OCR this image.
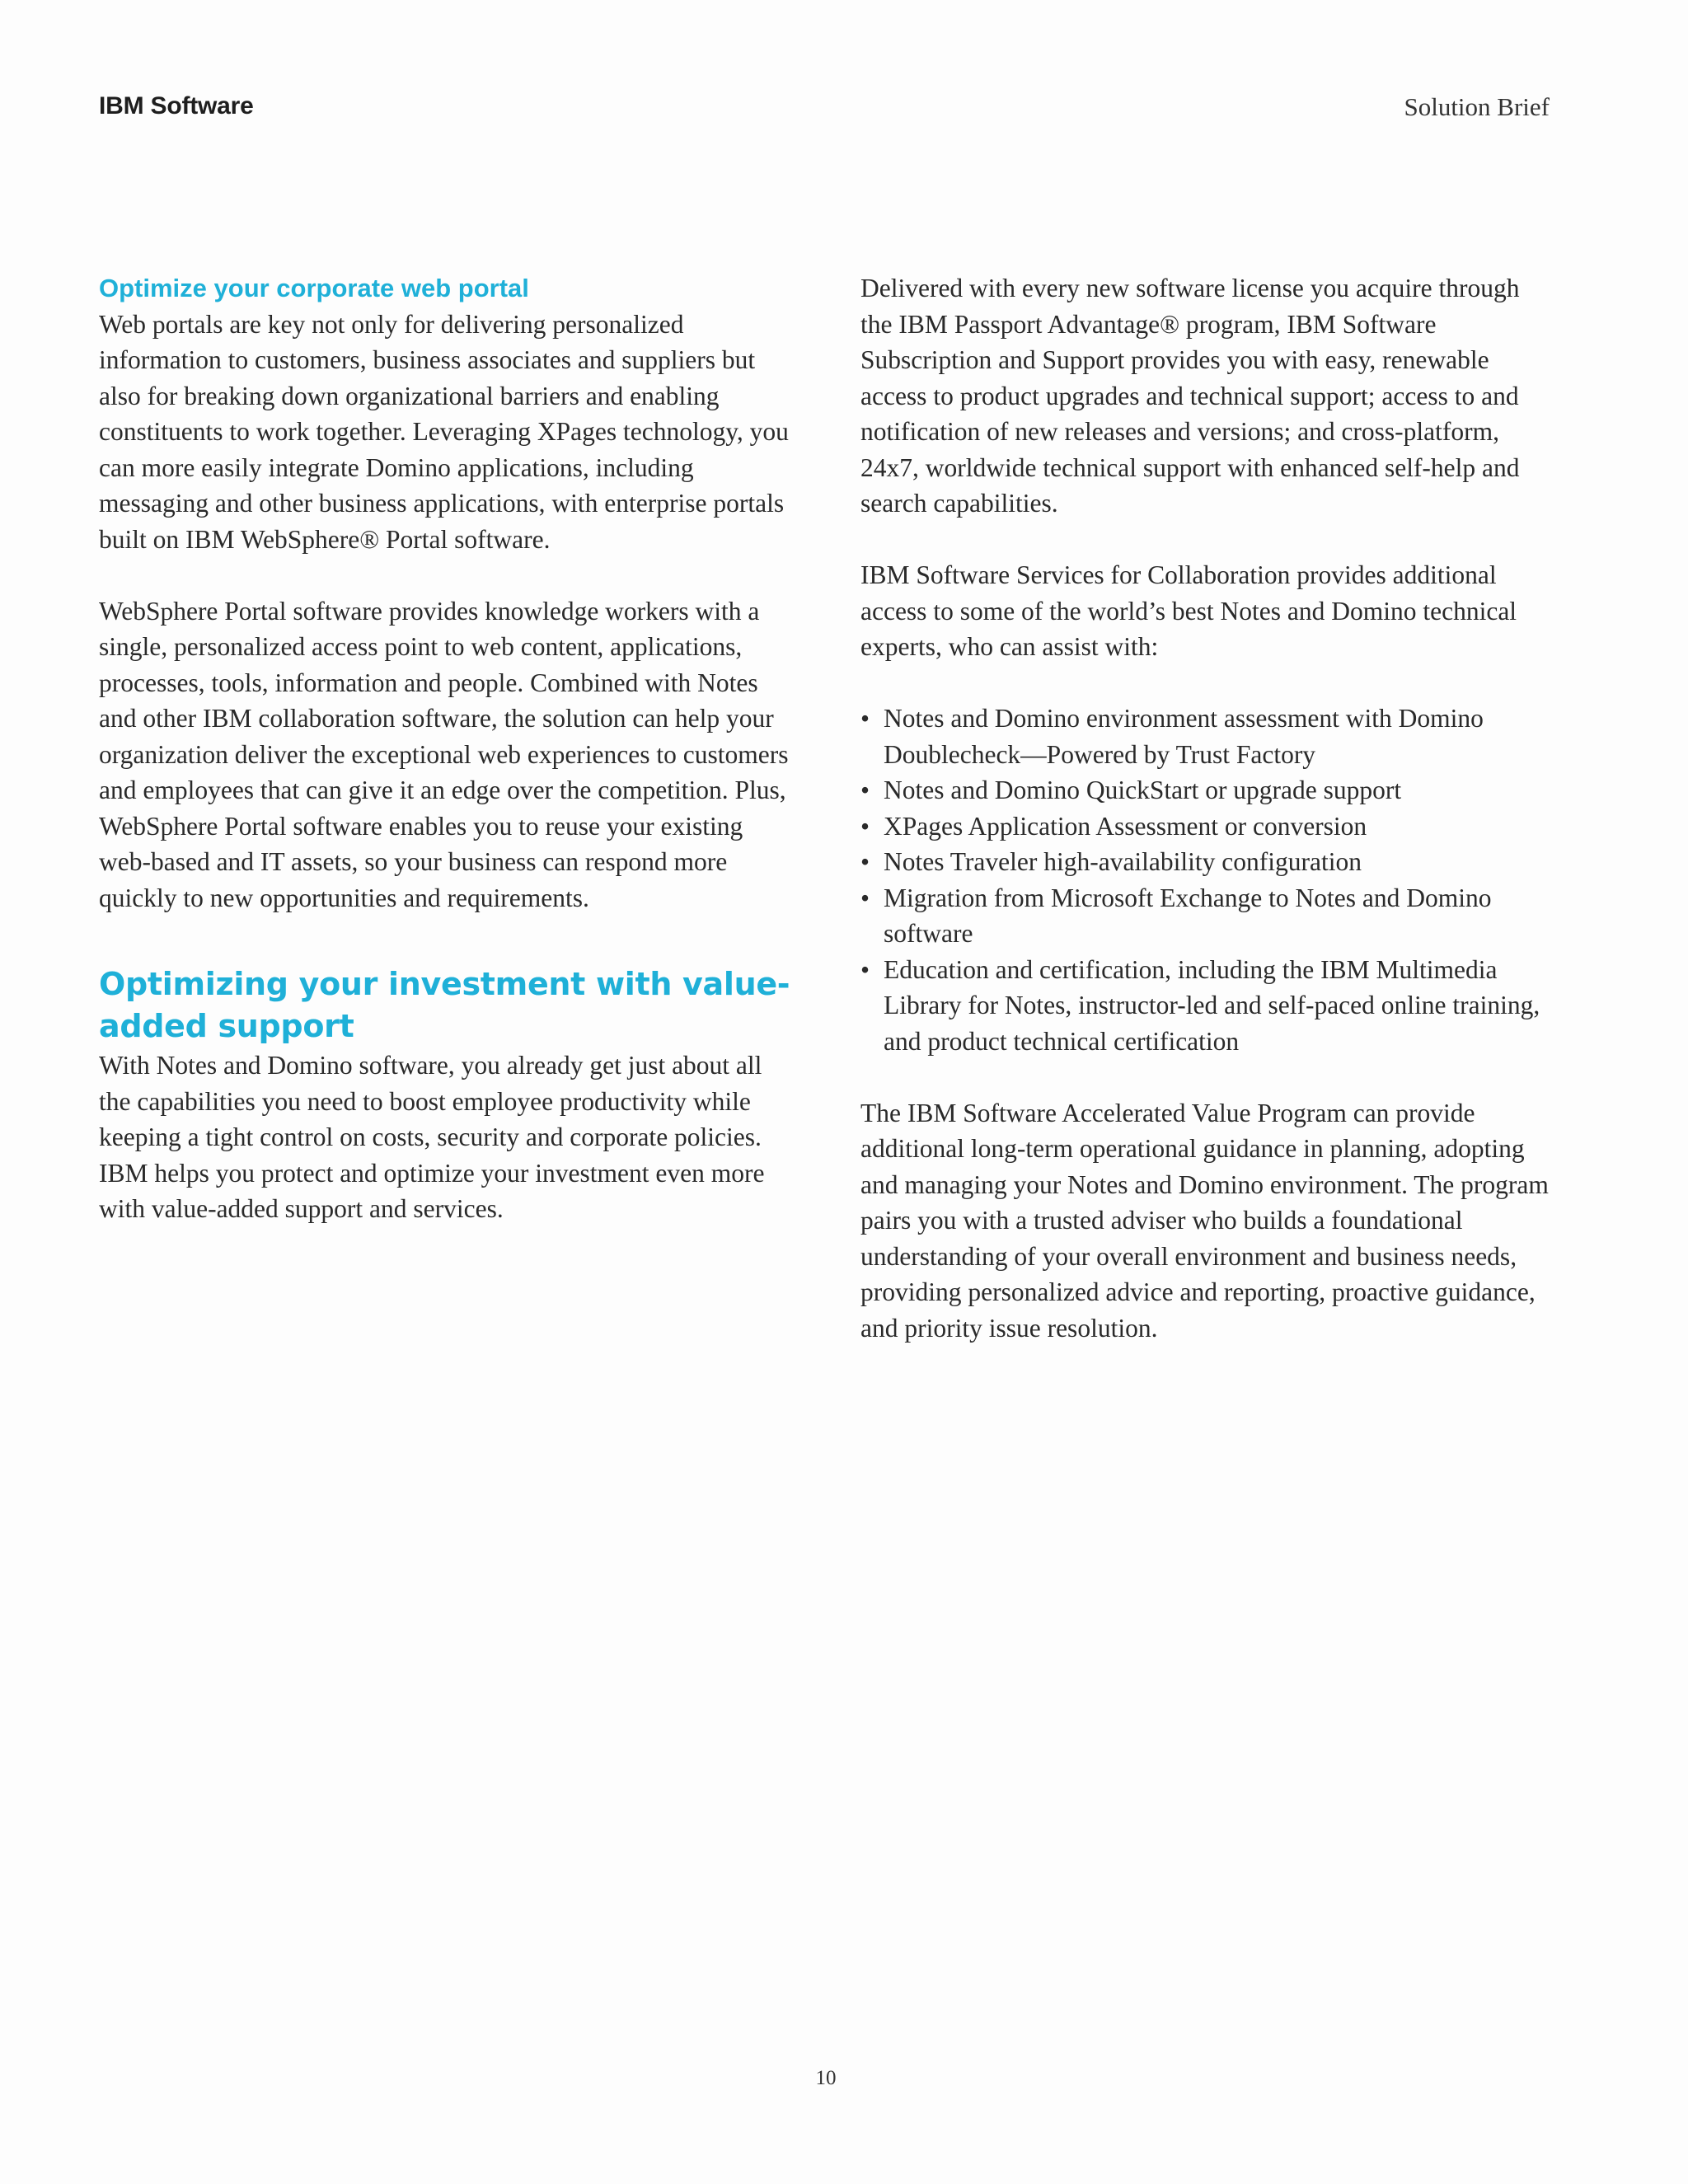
IBM Software	Solution Brief
Optimize your corporate web portal

Web portals are key not only for delivering personalized information to customers, business associates and suppliers but also for breaking down organizational barriers and enabling constituents to work together. Leveraging XPages technology, you can more easily integrate Domino applications, including messaging and other business applications, with enterprise portals built on IBM WebSphere® Portal software.

WebSphere Portal software provides knowledge workers with a single, personalized access point to web content, applications, processes, tools, information and people. Combined with Notes and other IBM collaboration software, the solution can help your organization deliver the exceptional web experiences to customers and employees that can give it an edge over the competition. Plus, WebSphere Portal software enables you to reuse your existing web-based and IT assets, so your business can respond more quickly to new opportunities and requirements.

Optimizing your investment with value-added support

With Notes and Domino software, you already get just about all the capabilities you need to boost employee productivity while keeping a tight control on costs, security and corporate policies. IBM helps you protect and optimize your investment even more with value-added support and services.

Delivered with every new software license you acquire through the IBM Passport Advantage® program, IBM Software Subscription and Support provides you with easy, renewable access to product upgrades and technical support; access to and notification of new releases and versions; and cross-platform, 24x7, worldwide technical support with enhanced self-help and search capabilities.

IBM Software Services for Collaboration provides additional access to some of the world’s best Notes and Domino technical experts, who can assist with:

• Notes and Domino environment assessment with Domino Doublecheck—Powered by Trust Factory
• Notes and Domino QuickStart or upgrade support
• XPages Application Assessment or conversion
• Notes Traveler high-availability configuration
• Migration from Microsoft Exchange to Notes and Domino software
• Education and certification, including the IBM Multimedia Library for Notes, instructor-led and self-paced online training, and product technical certification

The IBM Software Accelerated Value Program can provide additional long-term operational guidance in planning, adopting and managing your Notes and Domino environment. The program pairs you with a trusted adviser who builds a foundational understanding of your overall environment and business needs, providing personalized advice and reporting, proactive guidance, and priority issue resolution.

10
